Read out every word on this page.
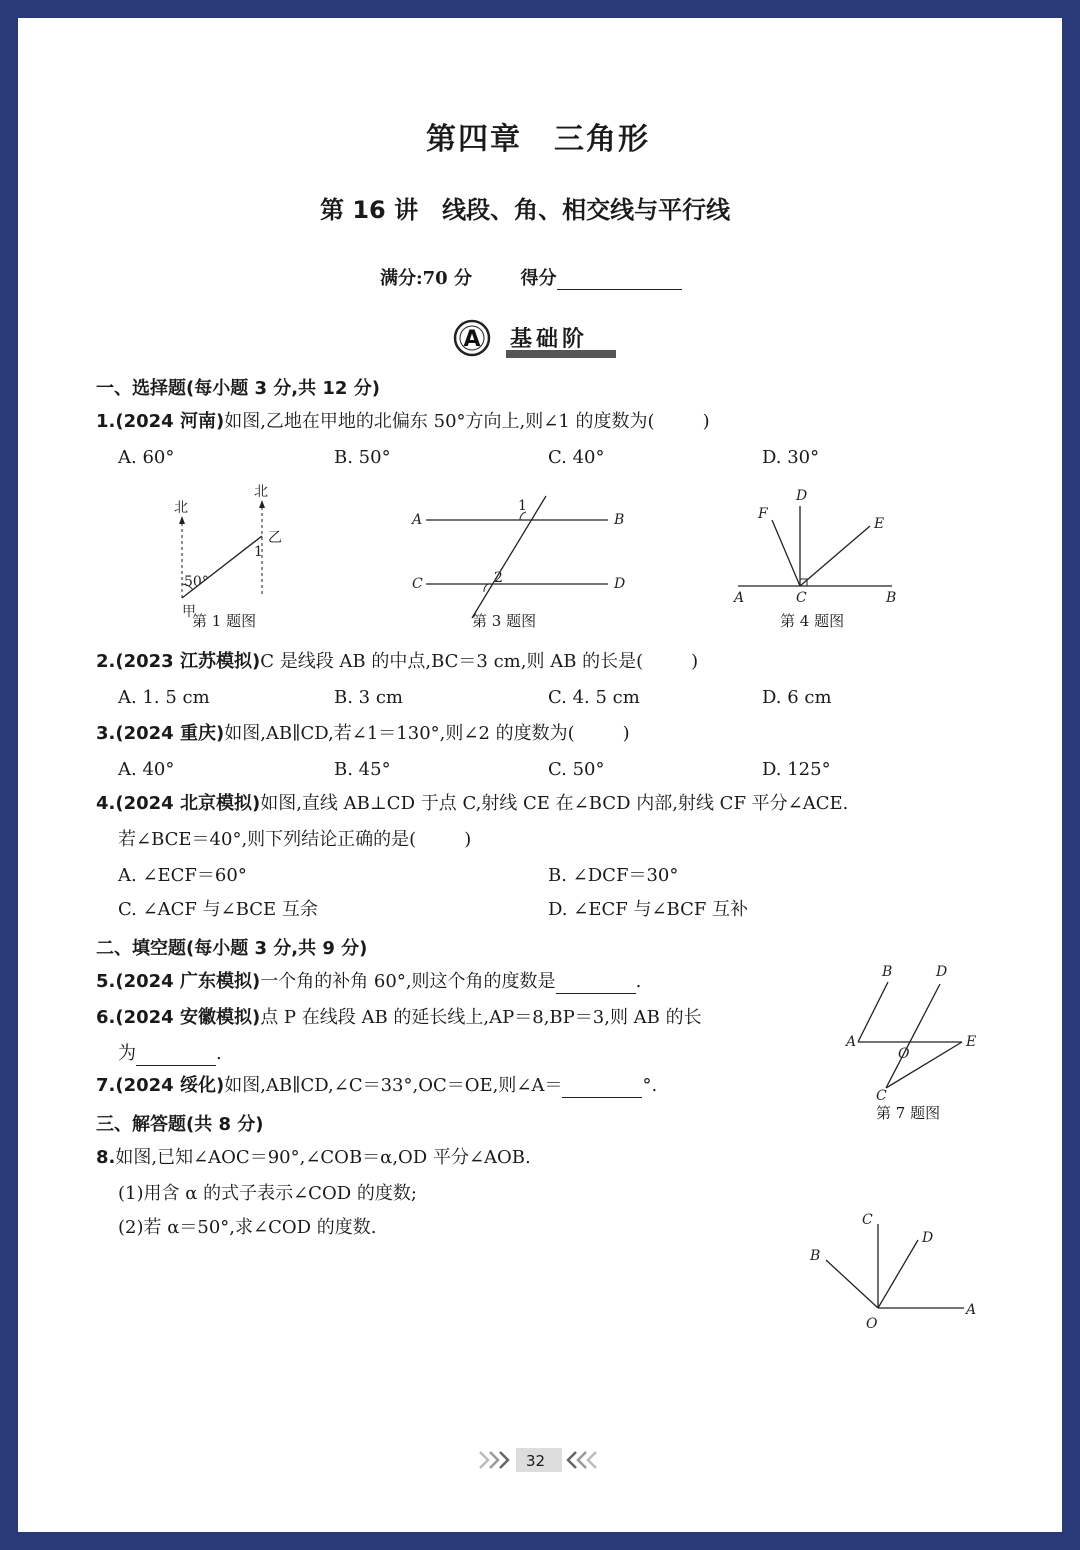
第四章　三角形
第 16 讲　线段、角、相交线与平行线
满分:70 分	得分
A 基础阶
一、选择题(每小题 3 分,共 12 分)
1.(2024 河南)如图,乙地在甲地的北偏东 50°方向上,则∠1 的度数为(	)
A. 60°	B. 50°	C. 40°	D. 30°
北
北
乙
甲
50°
1
第 1 题图
A	B
C	D
1
2
第 3 题图
A	B
C
D
E
F
第 4 题图
2.(2023 江苏模拟)C 是线段 AB 的中点,BC＝3 cm,则 AB 的长是(	)
A. 1. 5 cm	B. 3 cm	C. 4. 5 cm	D. 6 cm
3.(2024 重庆)如图,AB∥CD,若∠1＝130°,则∠2 的度数为(	)
A. 40°	B. 45°	C. 50°	D. 125°
4.(2024 北京模拟)如图,直线 AB⊥CD 于点 C,射线 CE 在∠BCD 内部,射线 CF 平分∠ACE.
若∠BCE＝40°,则下列结论正确的是(	)
A. ∠ECF＝60°	B. ∠DCF＝30°
C. ∠ACF 与∠BCE 互余	D. ∠ECF 与∠BCF 互补
二、填空题(每小题 3 分,共 9 分)
5.(2024 广东模拟)一个角的补角 60°,则这个角的度数是	.
6.(2024 安徽模拟)点 P 在线段 AB 的延长线上,AP＝8,BP＝3,则 AB 的长
为	.
7.(2024 绥化)如图,AB∥CD,∠C＝33°,OC＝OE,则∠A＝	°.
A
B
C
D
E
O
第 7 题图
三、解答题(共 8 分)
8.如图,已知∠AOC＝90°,∠COB＝α,OD 平分∠AOB.
(1)用含 α 的式子表示∠COD 的度数;
(2)若 α＝50°,求∠COD 的度数.
O
A
B
C
D
32
